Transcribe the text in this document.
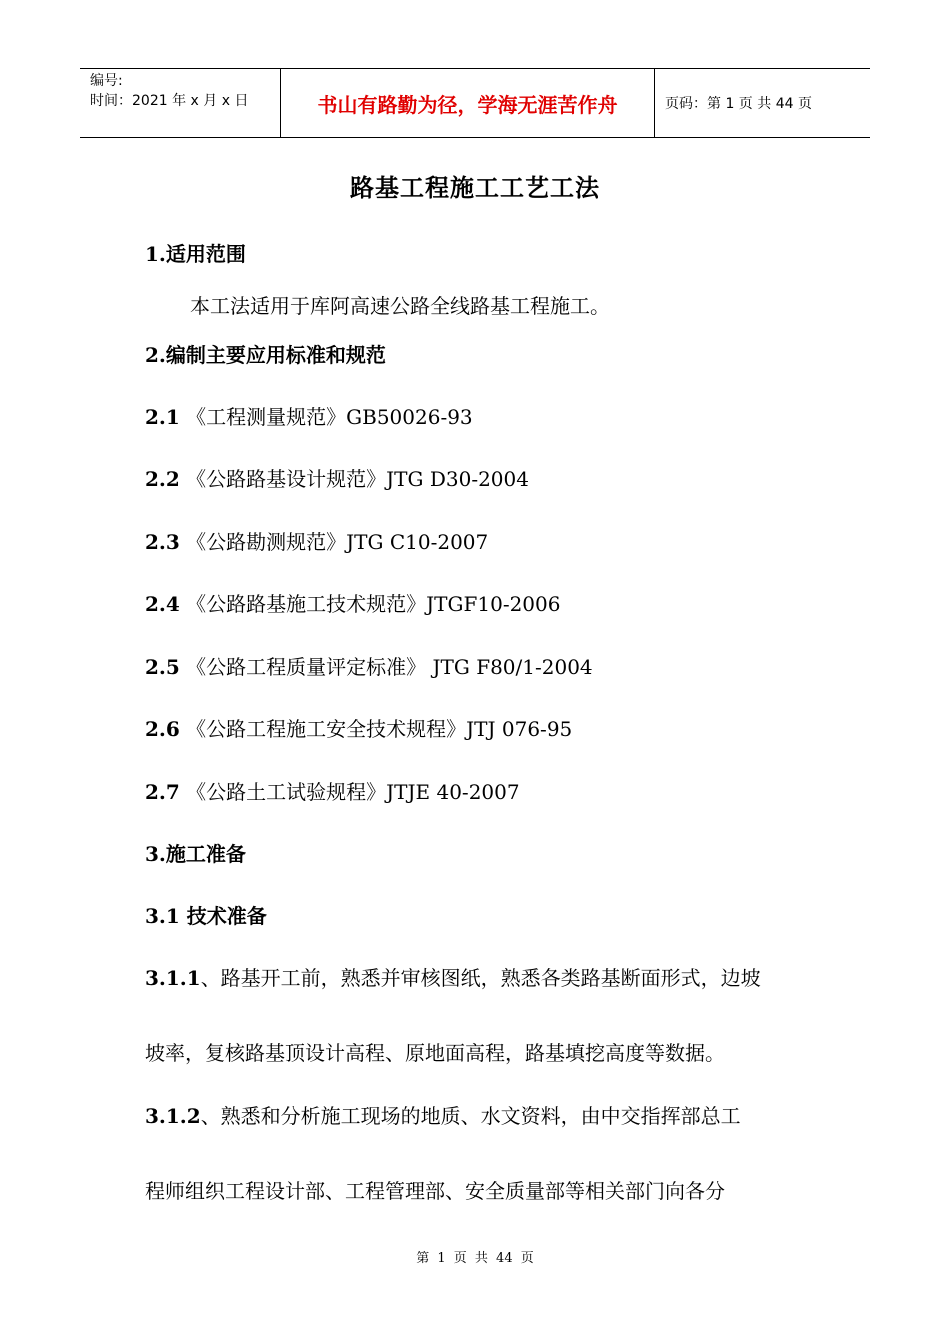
编号:
时间：2021 年 x 月 x 日	书山有路勤为径，学海无涯苦作舟	页码：第 1 页 共 44 页
路基工程施工工艺工法
1.适用范围
本工法适用于库阿高速公路全线路基工程施工。
2.编制主要应用标准和规范
2.1 《工程测量规范》GB50026-93
2.2 《公路路基设计规范》JTG D30-2004
2.3 《公路勘测规范》JTG C10-2007
2.4 《公路路基施工技术规范》JTGF10-2006
2.5 《公路工程质量评定标准》 JTG F80/1-2004
2.6 《公路工程施工安全技术规程》JTJ 076-95
2.7 《公路土工试验规程》JTJE 40-2007
3.施工准备
3.1 技术准备
3.1.1、路基开工前，熟悉并审核图纸，熟悉各类路基断面形式，边坡
坡率，复核路基顶设计高程、原地面高程，路基填挖高度等数据。
3.1.2、熟悉和分析施工现场的地质、水文资料，由中交指挥部总工
程师组织工程设计部、工程管理部、安全质量部等相关部门向各分
第 1 页 共 44 页
